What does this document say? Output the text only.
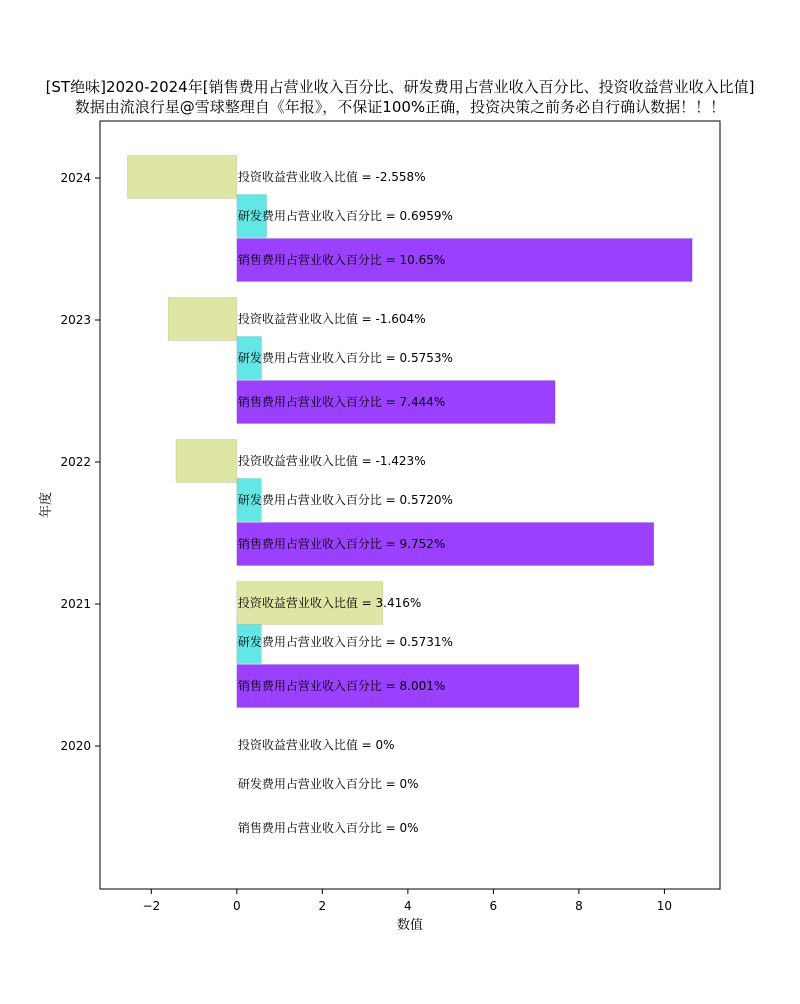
[ST绝味]2020-2024年[销售费用占营业收入百分比、研发费用占营业收入百分比、投资收益营业收入比值]
数据由流浪行星@雪球整理自《年报》，不保证100%正确，投资决策之前务必自行确认数据！！！
销售费用占营业收入百分比 = 0%
销售费用占营业收入百分比 = 8.001%
销售费用占营业收入百分比 = 9.752%
销售费用占营业收入百分比 = 7.444%
销售费用占营业收入百分比 = 10.65%
研发费用占营业收入百分比 = 0%
研发费用占营业收入百分比 = 0.5731%
研发费用占营业收入百分比 = 0.5720%
研发费用占营业收入百分比 = 0.5753%
研发费用占营业收入百分比 = 0.6959%
投资收益营业收入比值 = 0%
投资收益营业收入比值 = 3.416%
投资收益营业收入比值 = -1.423%
投资收益营业收入比值 = -1.604%
投资收益营业收入比值 = -2.558%
−2	0	2	4	6	8	10
2020
2021
2022
2023
2024
数值
年度
